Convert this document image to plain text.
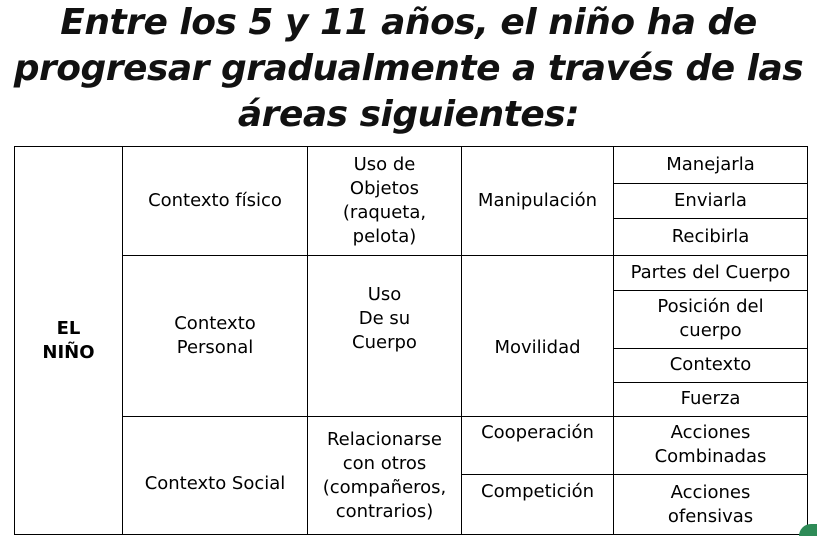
Entre los 5 y 11 años, el niño ha de
progresar gradualmente a través de las
áreas siguientes:
EL
NIÑO
Contexto físico
Uso de
Objetos
(raqueta,
pelota)
Manipulación
Manejarla
Enviarla
Recibirla
Contexto
Personal
Uso
De su
Cuerpo	Movilidad
Partes del Cuerpo
Posición del
cuerpo
Contexto
Fuerza
Contexto Social
Relacionarse
con otros
(compañeros,
contrarios)
Cooperación
Competición
Acciones
Combinadas
Acciones
ofensivas
